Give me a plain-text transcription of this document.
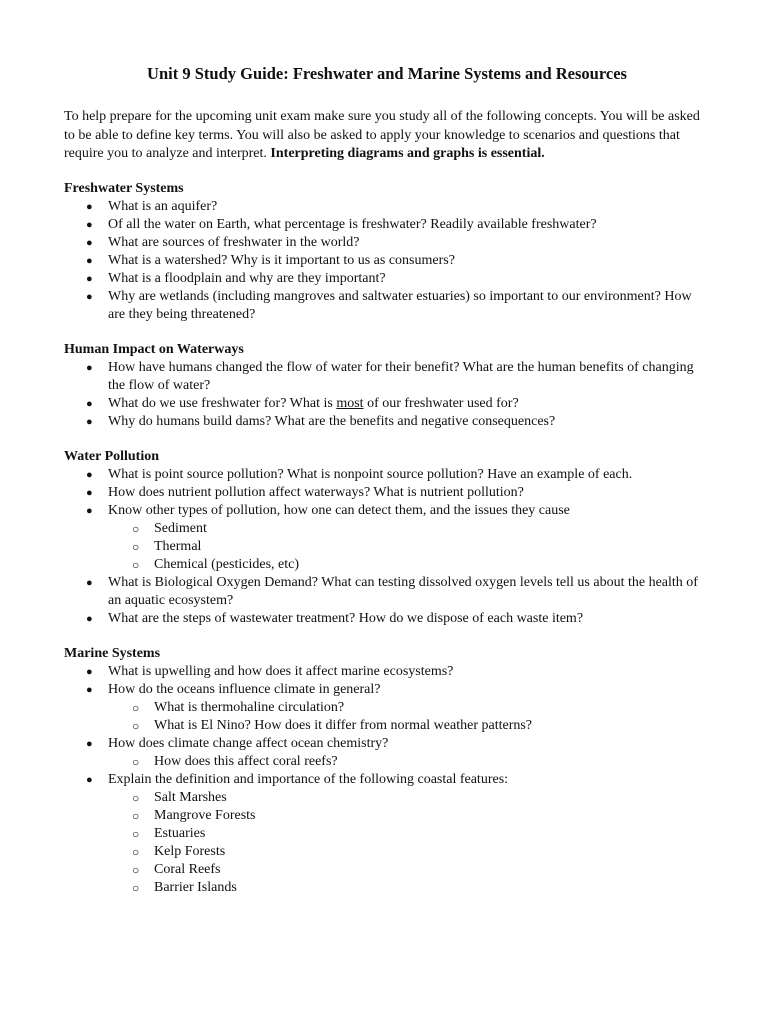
Unit 9 Study Guide: Freshwater and Marine Systems and Resources

To help prepare for the upcoming unit exam make sure you study all of the following concepts. You will be asked to be able to define key terms. You will also be asked to apply your knowledge to scenarios and questions that require you to analyze and interpret. Interpreting diagrams and graphs is essential.

Freshwater Systems
●	What is an aquifer?
●	Of all the water on Earth, what percentage is freshwater? Readily available freshwater?
●	What are sources of freshwater in the world?
●	What is a watershed? Why is it important to us as consumers?
●	What is a floodplain and why are they important?
●	Why are wetlands (including mangroves and saltwater estuaries) so important to our environment? How are they being threatened?
Human Impact on Waterways
●	How have humans changed the flow of water for their benefit? What are the human benefits of changing the flow of water?
●	What do we use freshwater for? What is most of our freshwater used for?
●	Why do humans build dams? What are the benefits and negative consequences?
Water Pollution
●	What is point source pollution? What is nonpoint source pollution? Have an example of each.
●	How does nutrient pollution affect waterways? What is nutrient pollution?
●	Know other types of pollution, how one can detect them, and the issues they cause
○	Sediment
○	Thermal
○	Chemical (pesticides, etc)
●	What is Biological Oxygen Demand? What can testing dissolved oxygen levels tell us about the health of an aquatic ecosystem?
●	What are the steps of wastewater treatment? How do we dispose of each waste item?
Marine Systems
●	What is upwelling and how does it affect marine ecosystems?
●	How do the oceans influence climate in general?
○	What is thermohaline circulation?
○	What is El Nino? How does it differ from normal weather patterns?
●	How does climate change affect ocean chemistry?
○	How does this affect coral reefs?
●	Explain the definition and importance of the following coastal features:
○	Salt Marshes
○	Mangrove Forests
○	Estuaries
○	Kelp Forests
○	Coral Reefs
○	Barrier Islands
